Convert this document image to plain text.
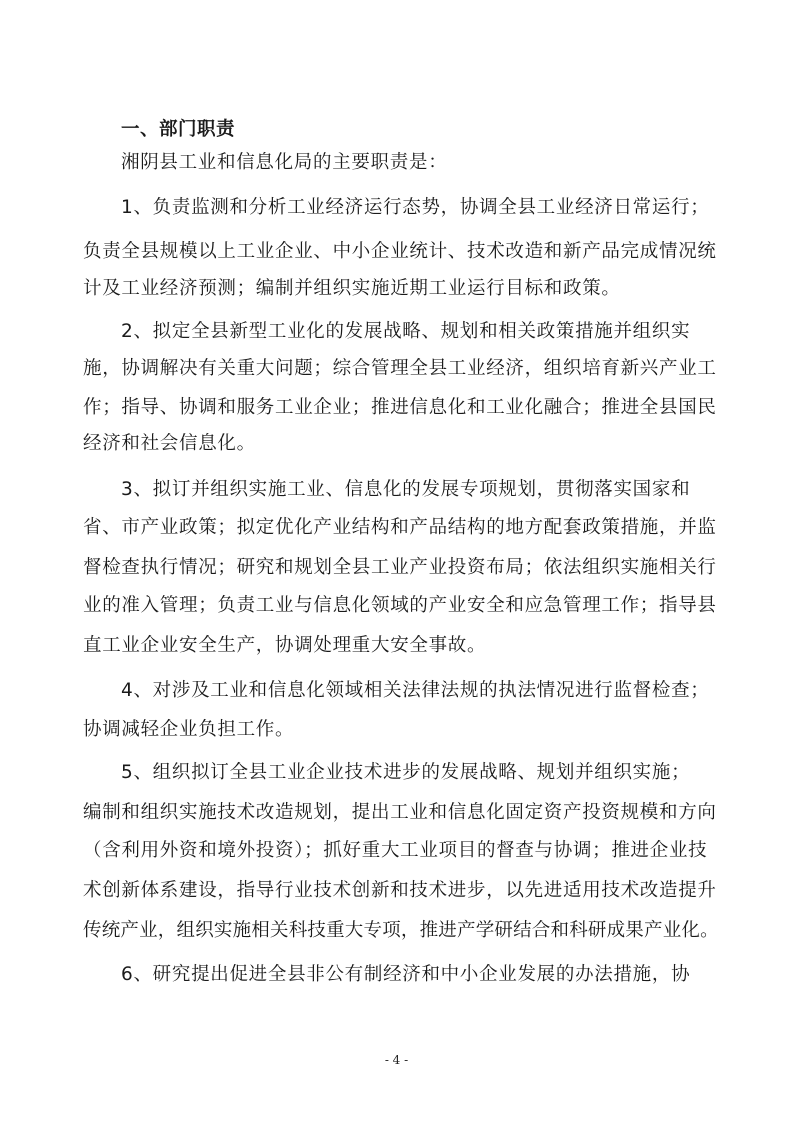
一、部门职责
湘阴县工业和信息化局的主要职责是：
1、负责监测和分析工业经济运行态势，协调全县工业经济日常运行；
负责全县规模以上工业企业、中小企业统计、技术改造和新产品完成情况统
计及工业经济预测；编制并组织实施近期工业运行目标和政策。
2、拟定全县新型工业化的发展战略、规划和相关政策措施并组织实
施，协调解决有关重大问题；综合管理全县工业经济，组织培育新兴产业工
作；指导、协调和服务工业企业；推进信息化和工业化融合；推进全县国民
经济和社会信息化。
3、拟订并组织实施工业、信息化的发展专项规划，贯彻落实国家和
省、市产业政策；拟定优化产业结构和产品结构的地方配套政策措施，并监
督检查执行情况；研究和规划全县工业产业投资布局；依法组织实施相关行
业的准入管理；负责工业与信息化领域的产业安全和应急管理工作；指导县
直工业企业安全生产，协调处理重大安全事故。
4、对涉及工业和信息化领域相关法律法规的执法情况进行监督检查；
协调减轻企业负担工作。
5、组织拟订全县工业企业技术进步的发展战略、规划并组织实施；
编制和组织实施技术改造规划，提出工业和信息化固定资产投资规模和方向
（含利用外资和境外投资）；抓好重大工业项目的督查与协调；推进企业技
术创新体系建设，指导行业技术创新和技术进步，以先进适用技术改造提升
传统产业，组织实施相关科技重大专项，推进产学研结合和科研成果产业化。
6、研究提出促进全县非公有制经济和中小企业发展的办法措施，协
- 4 -
